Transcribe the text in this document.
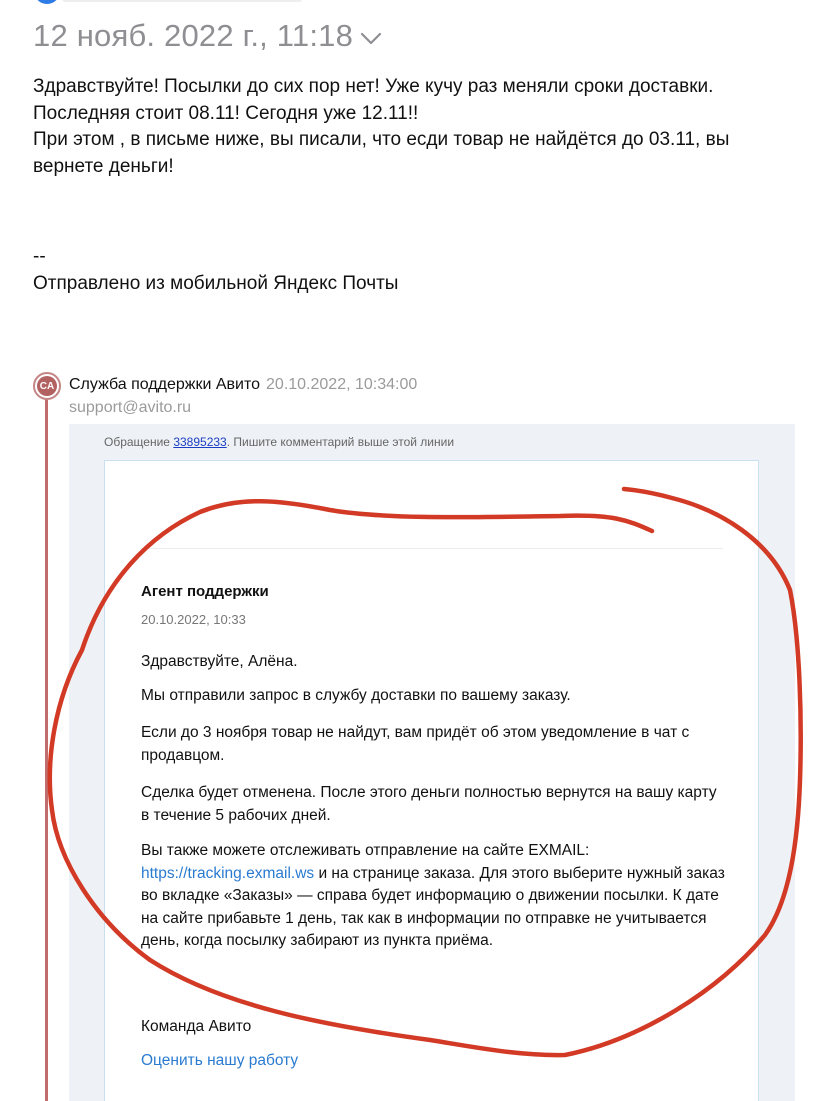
12 нояб. 2022 г., 11:18

Здравствуйте! Посылки до сих пор нет! Уже кучу раз меняли сроки доставки.

Последняя стоит 08.11! Сегодня уже 12.11!!

При этом , в письме ниже, вы писали, что есди товар не найдётся до 03.11, вы

вернете деньги!

--
Отправлено из мобильной Яндекс Почты
CA Служба поддержки Авито 20.10.2022, 10:34:00
support@avito.ru
Обращение 33895233. Пишите комментарий выше этой линии
Агент поддержки
20.10.2022, 10:33
Здравствуйте, Алёна.
Мы отправили запрос в службу доставки по вашему заказу.
Если до 3 ноября товар не найдут, вам придёт об этом уведомление в чат с продавцом.
Сделка будет отменена. После этого деньги полностью вернутся на вашу карту в течение 5 рабочих дней.
Вы также можете отслеживать отправление на сайте EXMAIL: https://tracking.exmail.ws и на странице заказа. Для этого выберите нужный заказ во вкладке «Заказы» — справа будет информацию о движении посылки. К дате на сайте прибавьте 1 день, так как в информации по отправке не учитывается день, когда посылку забирают из пункта приёма.
Команда Авито
Оценить нашу работу
